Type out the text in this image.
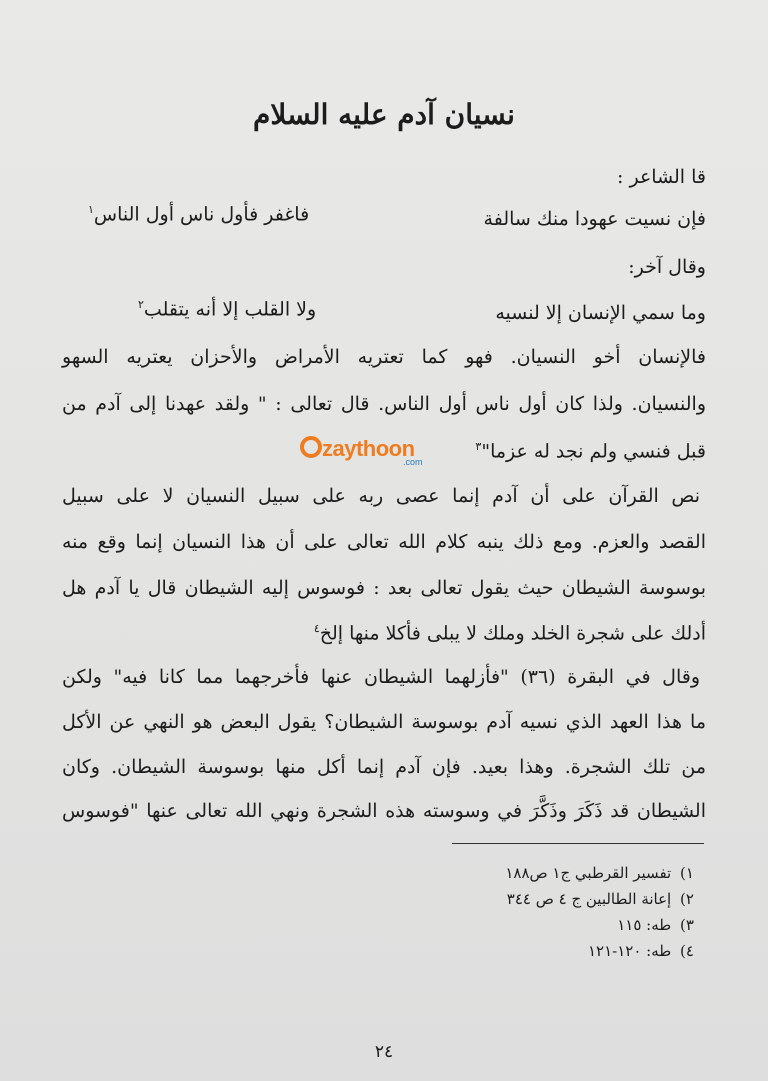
نسيان آدم عليه السلام
قا الشاعر :
فإن نسيت عهودا منك سالفة
فاغفر فأول ناس أول الناس$^١$
وقال آخر:
وما سمي الإنسان إلا لنسيه
ولا القلب إلا أنه يتقلب$^٢$
فالإنسان أخو النسيان. فهو كما تعتريه الأمراض والأحزان يعتريه السهو
والنسيان. ولذا كان أول ناس أول الناس. قال تعالى : " ولقد عهدنا إلى آدم من
قبل فنسي ولم نجد له عزما"$^٣$
zaythoon
.com
نص القرآن على أن آدم إنما عصى ربه على سبيل النسيان لا على سبيل
القصد والعزم. ومع ذلك ينبه كلام الله تعالى على أن هذا النسيان إنما وقع منه
بوسوسة الشيطان حيث يقول تعالى بعد : فوسوس إليه الشيطان قال يا آدم هل
أدلك على شجرة الخلد وملك لا يبلى فأكلا منها إلخ$^٤$
وقال في البقرة (٣٦) "فأزلهما الشيطان عنها فأخرجهما مما كانا فيه" ولكن
ما هذا العهد الذي نسيه آدم بوسوسة الشيطان؟ يقول البعض هو النهي عن الأكل
من تلك الشجرة. وهذا بعيد. فإن آدم إنما أكل منها بوسوسة الشيطان. وكان
الشيطان قد ذَكَرَ وذَكَّرَ في وسوسته هذه الشجرة ونهي الله تعالى عنها "فوسوس
١) تفسير القرطبي ج١ ص١٨٨
٢) إعانة الطالبين ج ٤ ص ٣٤٤
٣) طه: ١١٥
٤) طه: ١٢٠-١٢١
٢٤
